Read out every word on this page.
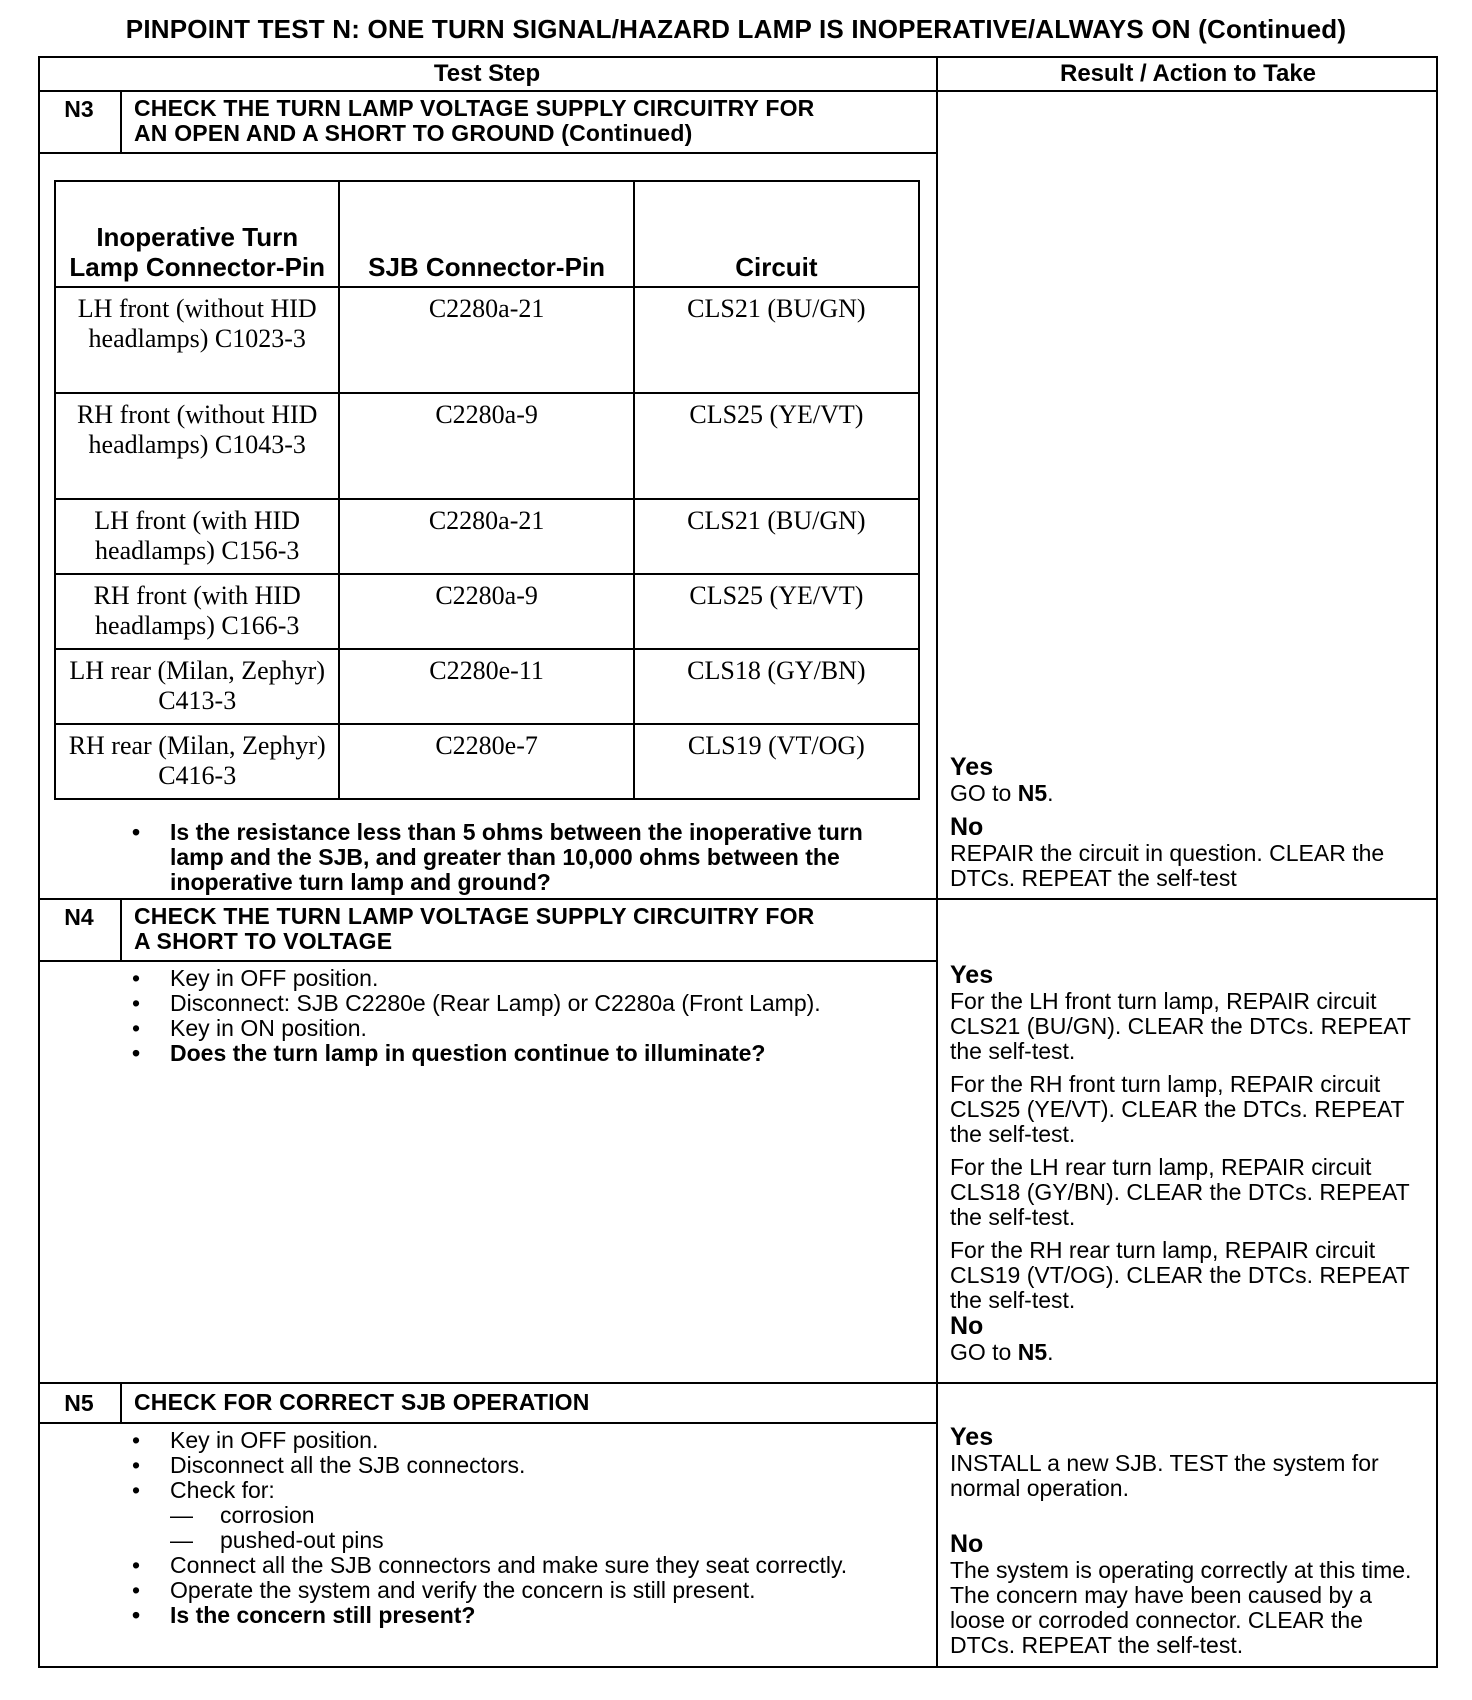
PINPOINT TEST N: ONE TURN SIGNAL/HAZARD LAMP IS INOPERATIVE/ALWAYS ON (Continued)
Test Step	Result / Action to Take
N3	CHECK THE TURN LAMP VOLTAGE SUPPLY CIRCUITRY FOR
AN OPEN AND A SHORT TO GROUND (Continued)
Inoperative Turn Lamp Connector-Pin	SJB Connector-Pin	Circuit
LH front (without HID headlamps) C1023-3	C2280a-21	CLS21 (BU/GN)
RH front (without HID headlamps) C1043-3	C2280a-9	CLS25 (YE/VT)
LH front (with HID headlamps) C156-3	C2280a-21	CLS21 (BU/GN)
RH front (with HID headlamps) C166-3	C2280a-9	CLS25 (YE/VT)
LH rear (Milan, Zephyr) C413-3	C2280e-11	CLS18 (GY/BN)
RH rear (Milan, Zephyr) C416-3	C2280e-7	CLS19 (VT/OG)
• Is the resistance less than 5 ohms between the inoperative turn lamp and the SJB, and greater than 10,000 ohms between the inoperative turn lamp and ground?
Yes
GO to N5.
No
REPAIR the circuit in question. CLEAR the DTCs. REPEAT the self-test
N4	CHECK THE TURN LAMP VOLTAGE SUPPLY CIRCUITRY FOR
A SHORT TO VOLTAGE
• Key in OFF position.
• Disconnect: SJB C2280e (Rear Lamp) or C2280a (Front Lamp).
• Key in ON position.
• Does the turn lamp in question continue to illuminate?
Yes
For the LH front turn lamp, REPAIR circuit CLS21 (BU/GN). CLEAR the DTCs. REPEAT the self-test.
For the RH front turn lamp, REPAIR circuit CLS25 (YE/VT). CLEAR the DTCs. REPEAT the self-test.
For the LH rear turn lamp, REPAIR circuit CLS18 (GY/BN). CLEAR the DTCs. REPEAT the self-test.
For the RH rear turn lamp, REPAIR circuit CLS19 (VT/OG). CLEAR the DTCs. REPEAT the self-test.
No
GO to N5.
N5	CHECK FOR CORRECT SJB OPERATION
• Key in OFF position.
• Disconnect all the SJB connectors.
• Check for:
— corrosion
— pushed-out pins
• Connect all the SJB connectors and make sure they seat correctly.
• Operate the system and verify the concern is still present.
• Is the concern still present?
Yes
INSTALL a new SJB. TEST the system for normal operation.
No
The system is operating correctly at this time. The concern may have been caused by a loose or corroded connector. CLEAR the DTCs. REPEAT the self-test.
